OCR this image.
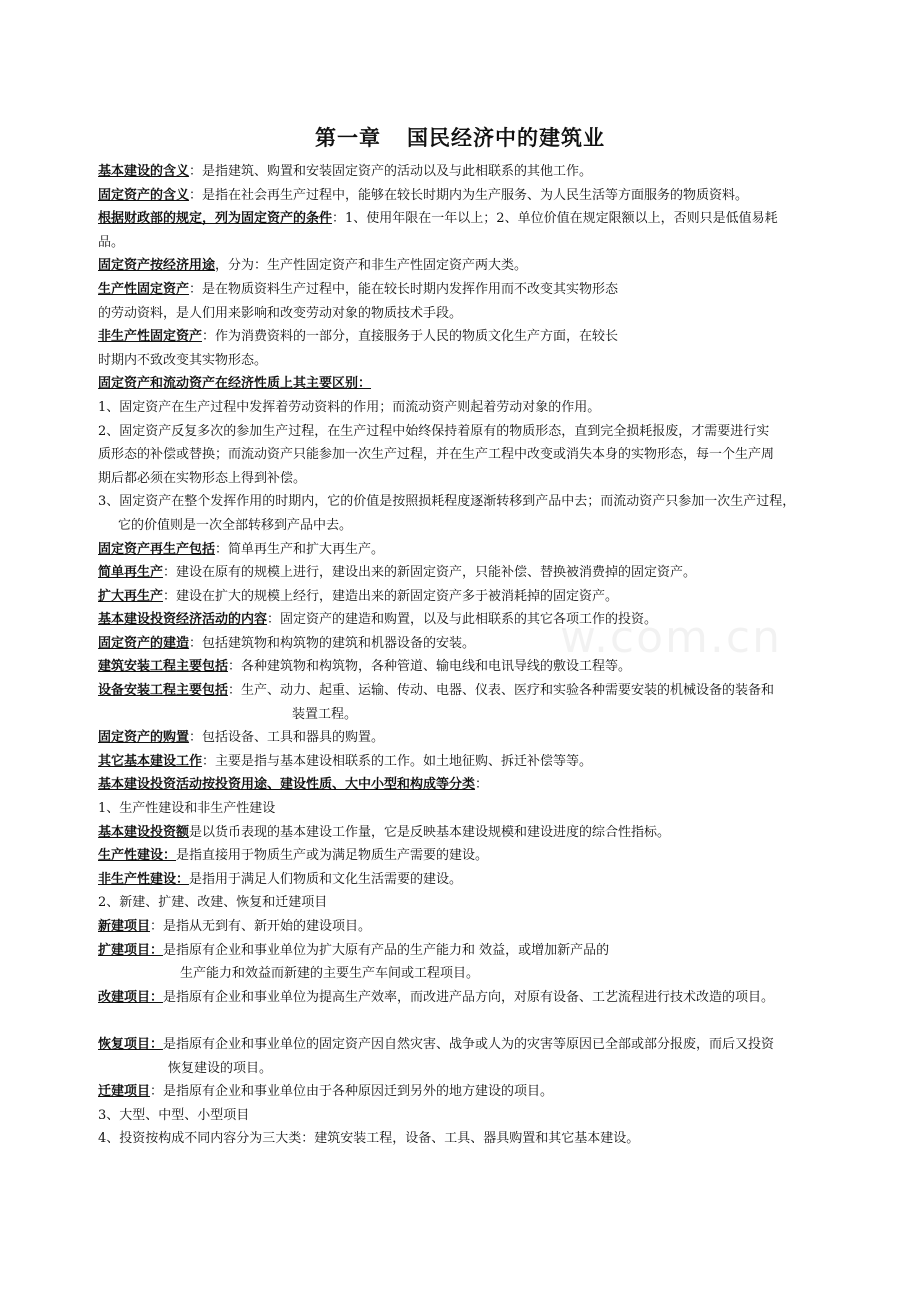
第一章 国民经济中的建筑业
w.com.cn
基本建设的含义：是指建筑、购置和安装固定资产的活动以及与此相联系的其他工作。
固定资产的含义：是指在社会再生产过程中，能够在较长时期内为生产服务、为人民生活等方面服务的物质资料。
根据财政部的规定，列为固定资产的条件：1、使用年限在一年以上；2、单位价值在规定限额以上，否则只是低值易耗
品。
固定资产按经济用途，分为：生产性固定资产和非生产性固定资产两大类。
生产性固定资产：是在物质资料生产过程中，能在较长时期内发挥作用而不改变其实物形态
的劳动资料，是人们用来影响和改变劳动对象的物质技术手段。
非生产性固定资产：作为消费资料的一部分，直接服务于人民的物质文化生产方面，在较长
时期内不致改变其实物形态。
固定资产和流动资产在经济性质上其主要区别：
1、固定资产在生产过程中发挥着劳动资料的作用；而流动资产则起着劳动对象的作用。
2、固定资产反复多次的参加生产过程，在生产过程中始终保持着原有的物质形态，直到完全损耗报废，才需要进行实
质形态的补偿或替换；而流动资产只能参加一次生产过程，并在生产工程中改变或消失本身的实物形态，每一个生产周
期后都必须在实物形态上得到补偿。
3、固定资产在整个发挥作用的时期内，它的价值是按照损耗程度逐渐转移到产品中去；而流动资产只参加一次生产过程，
它的价值则是一次全部转移到产品中去。
固定资产再生产包括：简单再生产和扩大再生产。
简单再生产：建设在原有的规模上进行，建设出来的新固定资产，只能补偿、替换被消费掉的固定资产。
扩大再生产：建设在扩大的规模上经行，建造出来的新固定资产多于被消耗掉的固定资产。
基本建设投资经济活动的内容：固定资产的建造和购置，以及与此相联系的其它各项工作的投资。
固定资产的建造：包括建筑物和构筑物的建筑和机器设备的安装。
建筑安装工程主要包括：各种建筑物和构筑物，各种管道、输电线和电讯导线的敷设工程等。
设备安装工程主要包括：生产、动力、起重、运输、传动、电器、仪表、医疗和实验各种需要安装的机械设备的装备和
装置工程。
固定资产的购置：包括设备、工具和器具的购置。
其它基本建设工作：主要是指与基本建设相联系的工作。如土地征购、拆迁补偿等等。
基本建设投资活动按投资用途、建设性质、大中小型和构成等分类：
1、生产性建设和非生产性建设
基本建设投资额是以货币表现的基本建设工作量，它是反映基本建设规模和建设进度的综合性指标。
生产性建设：是指直接用于物质生产或为满足物质生产需要的建设。
非生产性建设：是指用于满足人们物质和文化生活需要的建设。
2、新建、扩建、改建、恢复和迁建项目
新建项目：是指从无到有、新开始的建设项目。
扩建项目：是指原有企业和事业单位为扩大原有产品的生产能力和 效益，或增加新产品的
生产能力和效益而新建的主要生产车间或工程项目。
改建项目：是指原有企业和事业单位为提高生产效率，而改进产品方向，对原有设备、工艺流程进行技术改造的项目。
恢复项目：是指原有企业和事业单位的固定资产因自然灾害、战争或人为的灾害等原因已全部或部分报废，而后又投资
恢复建设的项目。
迁建项目：是指原有企业和事业单位由于各种原因迁到另外的地方建设的项目。
3、大型、中型、小型项目
4、投资按构成不同内容分为三大类：建筑安装工程，设备、工具、器具购置和其它基本建设。
